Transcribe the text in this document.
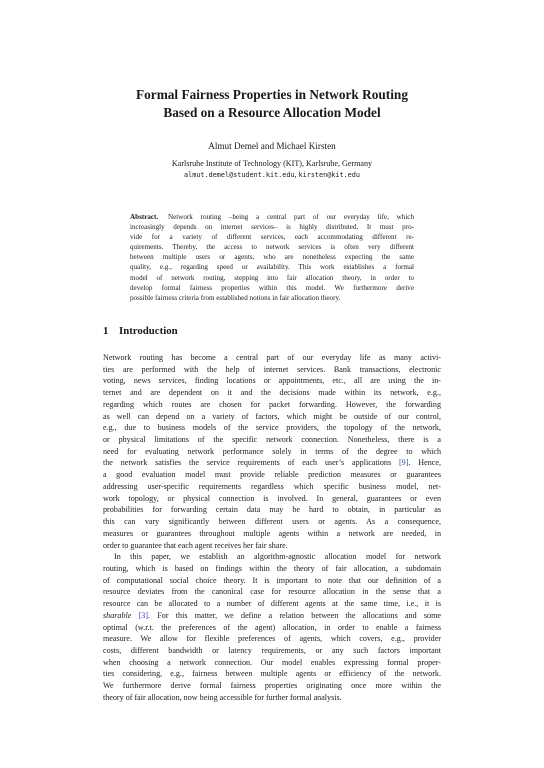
Formal Fairness Properties in Network Routing
Based on a Resource Allocation Model
Almut Demel and Michael Kirsten
Karlsruhe Institute of Technology (KIT), Karlsruhe, Germany
almut.demel@student.kit.edu, kirsten@kit.edu
Abstract. Network routing –being a central part of our everyday life, which
increasingly depends on internet services– is highly distributed. It must pro-
vide for a variety of different services, each accommodating different re-
quirements. Thereby, the access to network services is often very different
between multiple users or agents, who are nonetheless expecting the same
quality, e.g., regarding speed or availability. This work establishes a formal
model of network routing, stepping into fair allocation theory, in order to
develop formal fairness properties within this model. We furthermore derive
possible fairness criteria from established notions in fair allocation theory.
1 Introduction
Network routing has become a central part of our everyday life as many activi-
ties are performed with the help of internet services. Bank transactions, electronic
voting, news services, finding locations or appointments, etc., all are using the in-
ternet and are dependent on it and the decisions made within its network, e.g.,
regarding which routes are chosen for packet forwarding. However, the forwarding
as well can depend on a variety of factors, which might be outside of our control,
e.g., due to business models of the service providers, the topology of the network,
or physical limitations of the specific network connection. Nonetheless, there is a
need for evaluating network performance solely in terms of the degree to which
the network satisfies the service requirements of each user’s applications [9]. Hence,
a good evaluation model must provide reliable prediction measures or guarantees
addressing user-specific requirements regardless which specific business model, net-
work topology, or physical connection is involved. In general, guarantees or even
probabilities for forwarding certain data may be hard to obtain, in particular as
this can vary significantly between different users or agents. As a consequence,
measures or guarantees throughout multiple agents within a network are needed, in
order to guarantee that each agent receives her fair share.
In this paper, we establish an algorithm-agnostic allocation model for network
routing, which is based on findings within the theory of fair allocation, a subdomain
of computational social choice theory. It is important to note that our definition of a
resource deviates from the canonical case for resource allocation in the sense that a
resource can be allocated to a number of different agents at the same time, i.e., it is
sharable [3]. For this matter, we define a relation between the allocations and some
optimal (w.r.t. the preferences of the agent) allocation, in order to enable a fairness
measure. We allow for flexible preferences of agents, which covers, e.g., provider
costs, different bandwidth or latency requirements, or any such factors important
when choosing a network connection. Our model enables expressing formal proper-
ties considering, e.g., fairness between multiple agents or efficiency of the network.
We furthermore derive formal fairness properties originating once more within the
theory of fair allocation, now being accessible for further formal analysis.
